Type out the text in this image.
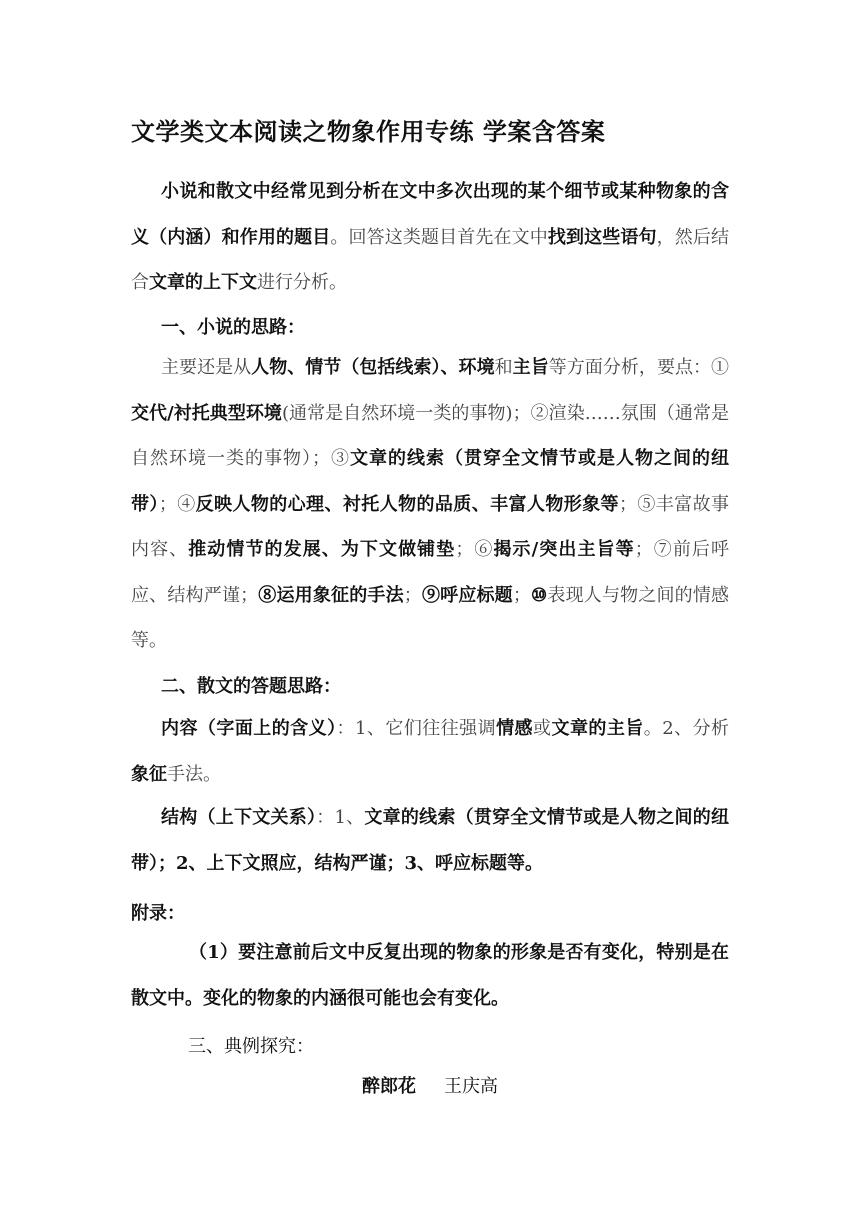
文学类文本阅读之物象作用专练 学案含答案
小说和散文中经常见到分析在文中多次出现的某个细节或某种物象的含义（内涵）和作用的题目。回答这类题目首先在文中找到这些语句，然后结合文章的上下文进行分析。
一、小说的思路：
主要还是从人物、情节（包括线索）、环境和主旨等方面分析，要点：①交代/衬托典型环境(通常是自然环境一类的事物)；②渲染……氛围（通常是自然环境一类的事物）；③文章的线索（贯穿全文情节或是人物之间的纽带）；④反映人物的心理、衬托人物的品质、丰富人物形象等；⑤丰富故事内容、推动情节的发展、为下文做铺垫；⑥揭示/突出主旨等；⑦前后呼应、结构严谨；⑧运用象征的手法；⑨呼应标题；⑩表现人与物之间的情感等。
二、散文的答题思路：
内容（字面上的含义）：1、它们往往强调情感或文章的主旨。2、分析象征手法。
结构（上下文关系）：1、文章的线索（贯穿全文情节或是人物之间的纽带）；2、上下文照应，结构严谨；3、呼应标题等。
附录：
（1）要注意前后文中反复出现的物象的形象是否有变化，特别是在散文中。变化的物象的内涵很可能也会有变化。
三、典例探究：
醉郎花 王庆高
